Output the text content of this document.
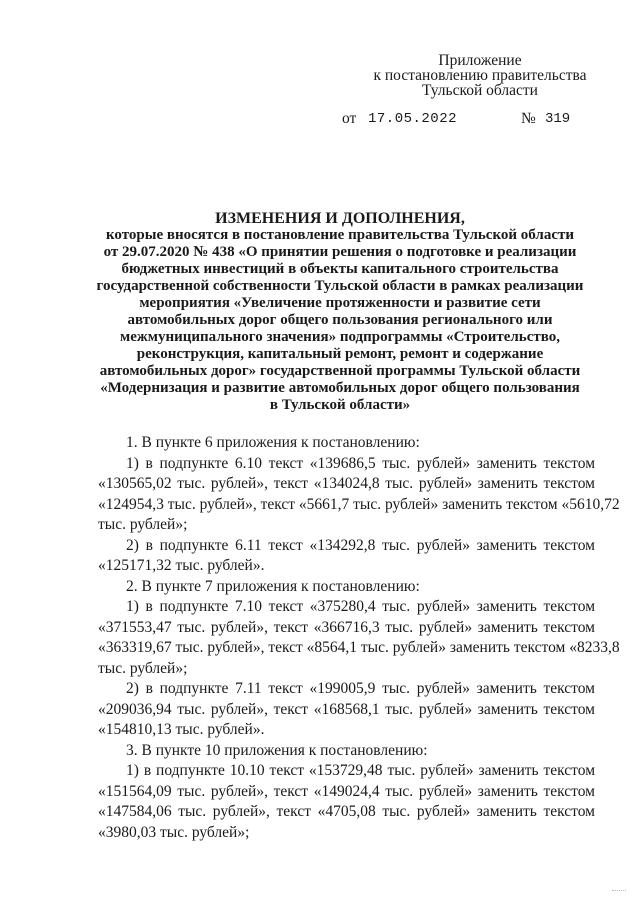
Приложение
к постановлению правительства
Тульской области
от 17.05.2022	№ 319
ИЗМЕНЕНИЯ И ДОПОЛНЕНИЯ,
которые вносятся в постановление правительства Тульской области
от 29.07.2020 № 438 «О принятии решения о подготовке и реализации
бюджетных инвестиций в объекты капитального строительства
государственной собственности Тульской области в рамках реализации
мероприятия «Увеличение протяженности и развитие сети
автомобильных дорог общего пользования регионального или
межмуниципального значения» подпрограммы «Строительство,
реконструкция, капитальный ремонт, ремонт и содержание
автомобильных дорог» государственной программы Тульской области
«Модернизация и развитие автомобильных дорог общего пользования
в Тульской области»
1. В пункте 6 приложения к постановлению:
1) в подпункте 6.10 текст «139686,5 тыс. рублей» заменить текстом
«130565,02 тыс. рублей», текст «134024,8 тыс. рублей» заменить текстом
«124954,3 тыс. рублей», текст «5661,7 тыс. рублей» заменить текстом «5610,72
тыс. рублей»;
2) в подпункте 6.11 текст «134292,8 тыс. рублей» заменить текстом
«125171,32 тыс. рублей».
2. В пункте 7 приложения к постановлению:
1) в подпункте 7.10 текст «375280,4 тыс. рублей» заменить текстом
«371553,47 тыс. рублей», текст «366716,3 тыс. рублей» заменить текстом
«363319,67 тыс. рублей», текст «8564,1 тыс. рублей» заменить текстом «8233,8
тыс. рублей»;
2) в подпункте 7.11 текст «199005,9 тыс. рублей» заменить текстом
«209036,94 тыс. рублей», текст «168568,1 тыс. рублей» заменить текстом
«154810,13 тыс. рублей».
3. В пункте 10 приложения к постановлению:
1) в подпункте 10.10 текст «153729,48 тыс. рублей» заменить текстом
«151564,09 тыс. рублей», текст «149024,4 тыс. рублей» заменить текстом
«147584,06 тыс. рублей», текст «4705,08 тыс. рублей» заменить текстом
«3980,03 тыс. рублей»;
